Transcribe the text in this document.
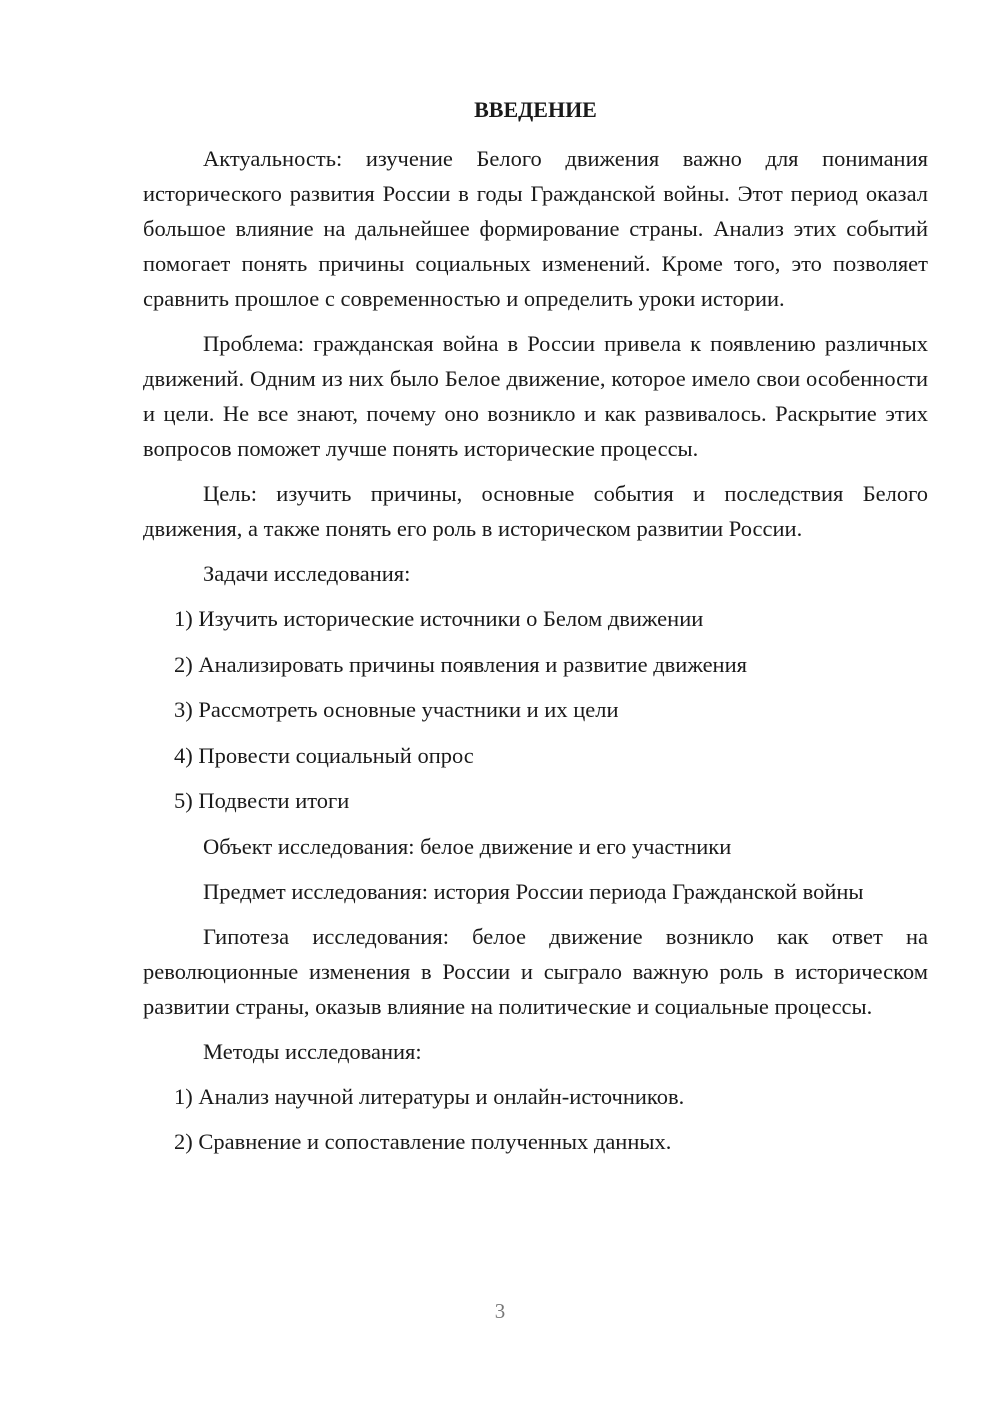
ВВЕДЕНИЕ

Актуальность: изучение Белого движения важно для понимания исторического развития России в годы Гражданской войны. Этот период оказал большое влияние на дальнейшее формирование страны. Анализ этих событий помогает понять причины социальных изменений. Кроме того, это позволяет сравнить прошлое с современностью и определить уроки истории.

Проблема: гражданская война в России привела к появлению различных движений. Одним из них было Белое движение, которое имело свои особенности и цели. Не все знают, почему оно возникло и как развивалось. Раскрытие этих вопросов поможет лучше понять исторические процессы.

Цель: изучить причины, основные события и последствия Белого движения, а также понять его роль в историческом развитии России.

Задачи исследования:
1) Изучить исторические источники о Белом движении
2) Анализировать причины появления и развитие движения
3) Рассмотреть основные участники и их цели
4) Провести социальный опрос
5) Подвести итоги

Объект исследования: белое движение и его участники

Предмет исследования: история России периода Гражданской войны

Гипотеза исследования: белое движение возникло как ответ на революционные изменения в России и сыграло важную роль в историческом развитии страны, оказыв влияние на политические и социальные процессы.

Методы исследования:
1) Анализ научной литературы и онлайн-источников.
2) Сравнение и сопоставление полученных данных.
3
